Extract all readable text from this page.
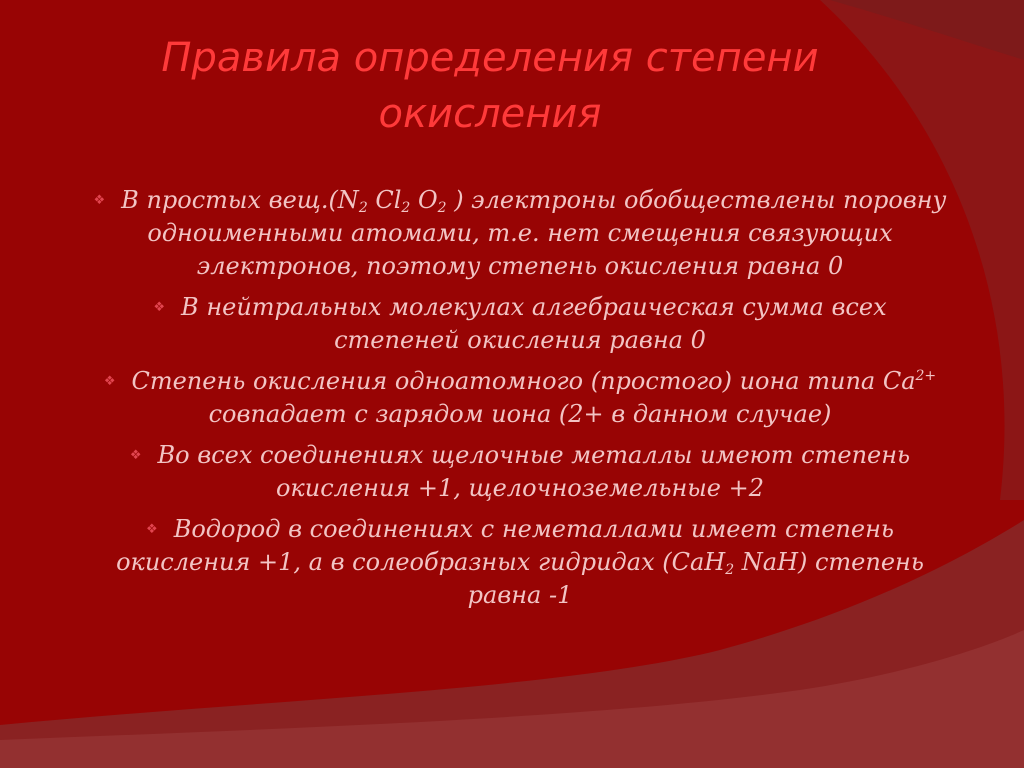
Правила определения степени
окисления
❖ В простых $вещ.(N_2$ $Cl_2$ $O_2$ ) электроны обобществлены поровну одноименными атомами, т.е. нет смещения связующих электронов, поэтому степень окисления равна 0
❖ В нейтральных молекулах алгебраическая сумма всех степеней окисления равна 0
❖ Степень окисления одноатомного (простого) иона типа $Ca^{2+}$ совпадает с зарядом иона (2+ в данном случае)
❖ Во всех соединениях щелочные металлы имеют степень окисления +1, щелочноземельные +2
❖ Водород в соединениях с неметаллами имеет степень окисления +1, а в солеобразных гидридах (CaH$_2$ NaH) степень равна -1
